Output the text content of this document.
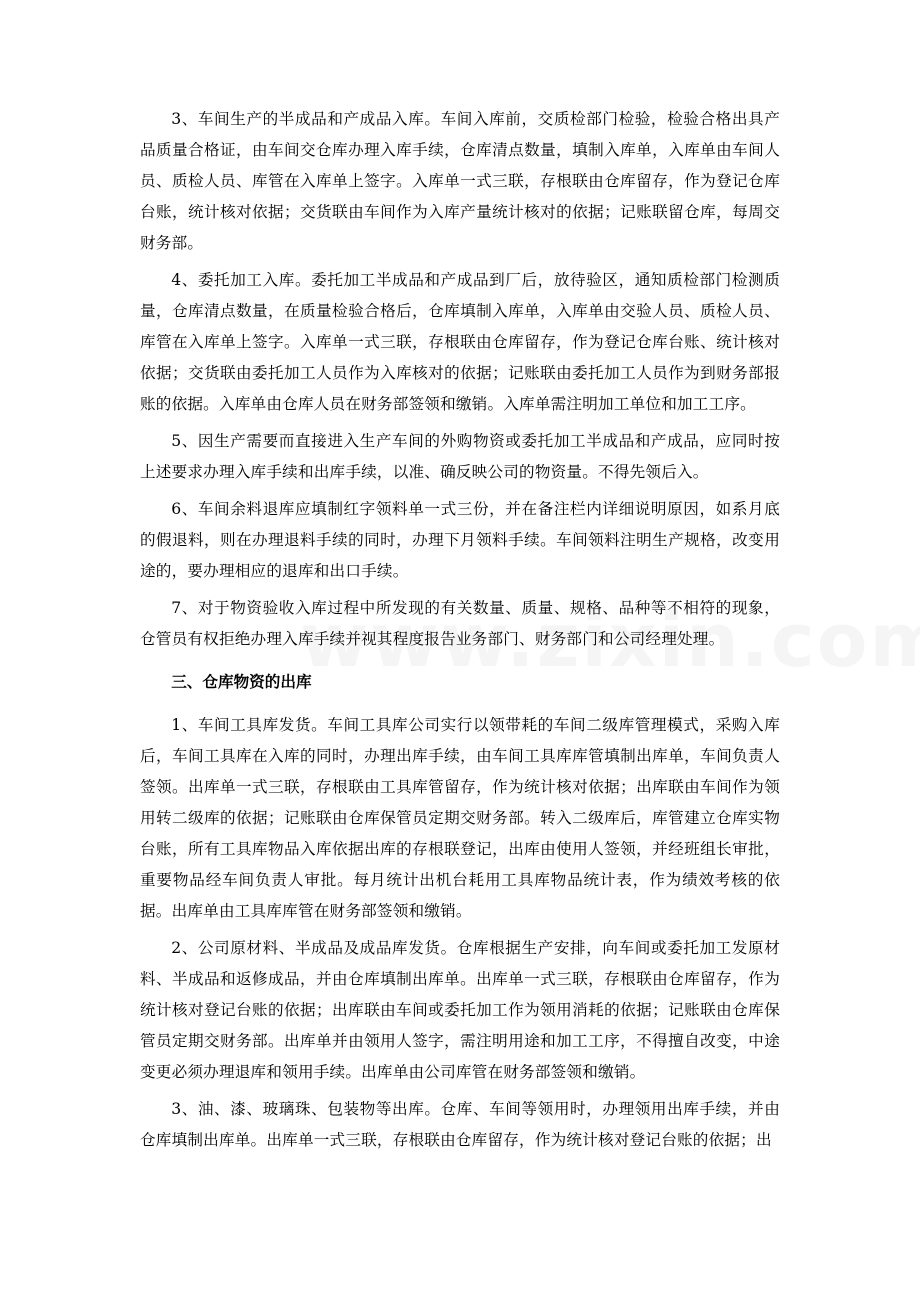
3、车间生产的半成品和产成品入库。车间入库前，交质检部门检验，检验合格出具产品质量合格证，由车间交仓库办理入库手续，仓库清点数量，填制入库单，入库单由车间人员、质检人员、库管在入库单上签字。入库单一式三联，存根联由仓库留存，作为登记仓库台账，统计核对依据；交货联由车间作为入库产量统计核对的依据；记账联留仓库，每周交财务部。

4、委托加工入库。委托加工半成品和产成品到厂后，放待验区，通知质检部门检测质量，仓库清点数量，在质量检验合格后，仓库填制入库单，入库单由交验人员、质检人员、库管在入库单上签字。入库单一式三联，存根联由仓库留存，作为登记仓库台账、统计核对依据；交货联由委托加工人员作为入库核对的依据；记账联由委托加工人员作为到财务部报账的依据。入库单由仓库人员在财务部签领和缴销。入库单需注明加工单位和加工工序。

5、因生产需要而直接进入生产车间的外购物资或委托加工半成品和产成品，应同时按上述要求办理入库手续和出库手续，以准、确反映公司的物资量。不得先领后入。

6、车间余料退库应填制红字领料单一式三份，并在备注栏内详细说明原因，如系月底的假退料，则在办理退料手续的同时，办理下月领料手续。车间领料注明生产规格，改变用途的，要办理相应的退库和出口手续。

7、对于物资验收入库过程中所发现的有关数量、质量、规格、品种等不相符的现象，仓管员有权拒绝办理入库手续并视其程度报告业务部门、财务部门和公司经理处理。

三、仓库物资的出库

1、车间工具库发货。车间工具库公司实行以领带耗的车间二级库管理模式，采购入库后，车间工具库在入库的同时，办理出库手续，由车间工具库库管填制出库单，车间负责人签领。出库单一式三联，存根联由工具库管留存，作为统计核对依据；出库联由车间作为领用转二级库的依据；记账联由仓库保管员定期交财务部。转入二级库后，库管建立仓库实物台账，所有工具库物品入库依据出库的存根联登记，出库由使用人签领，并经班组长审批，重要物品经车间负责人审批。每月统计出机台耗用工具库物品统计表，作为绩效考核的依据。出库单由工具库库管在财务部签领和缴销。

2、公司原材料、半成品及成品库发货。仓库根据生产安排，向车间或委托加工发原材料、半成品和返修成品，并由仓库填制出库单。出库单一式三联，存根联由仓库留存，作为统计核对登记台账的依据；出库联由车间或委托加工作为领用消耗的依据；记账联由仓库保管员定期交财务部。出库单并由领用人签字，需注明用途和加工工序，不得擅自改变，中途变更必须办理退库和领用手续。出库单由公司库管在财务部签领和缴销。

3、油、漆、玻璃珠、包装物等出库。仓库、车间等领用时，办理领用出库手续，并由仓库填制出库单。出库单一式三联，存根联由仓库留存，作为统计核对登记台账的依据；出
